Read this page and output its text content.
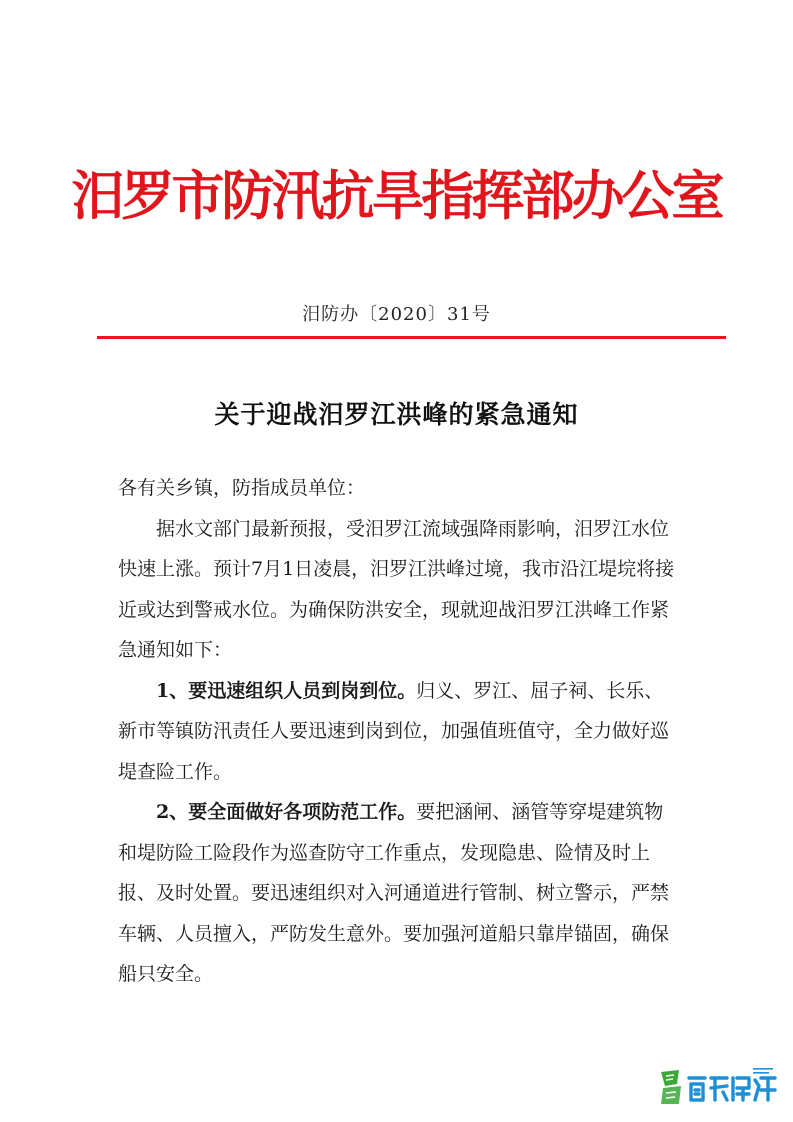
汨罗市防汛抗旱指挥部办公室
汨防办〔2020〕31号
关于迎战汨罗江洪峰的紧急通知

各有关乡镇，防指成员单位：

据水文部门最新预报，受汨罗江流域强降雨影响，汨罗江水位快速上涨。预计7月1日凌晨，汨罗江洪峰过境，我市沿江堤垸将接近或达到警戒水位。为确保防洪安全，现就迎战汨罗江洪峰工作紧急通知如下：

1、要迅速组织人员到岗到位。归义、罗江、屈子祠、长乐、新市等镇防汛责任人要迅速到岗到位，加强值班值守，全力做好巡堤查险工作。

2、要全面做好各项防范工作。要把涵闸、涵管等穿堤建筑物和堤防险工险段作为巡查防守工作重点，发现隐患、险情及时上报、及时处置。要迅速组织对入河通道进行管制、树立警示，严禁车辆、人员擅入，严防发生意外。要加强河道船只靠岸锚固，确保船只安全。
